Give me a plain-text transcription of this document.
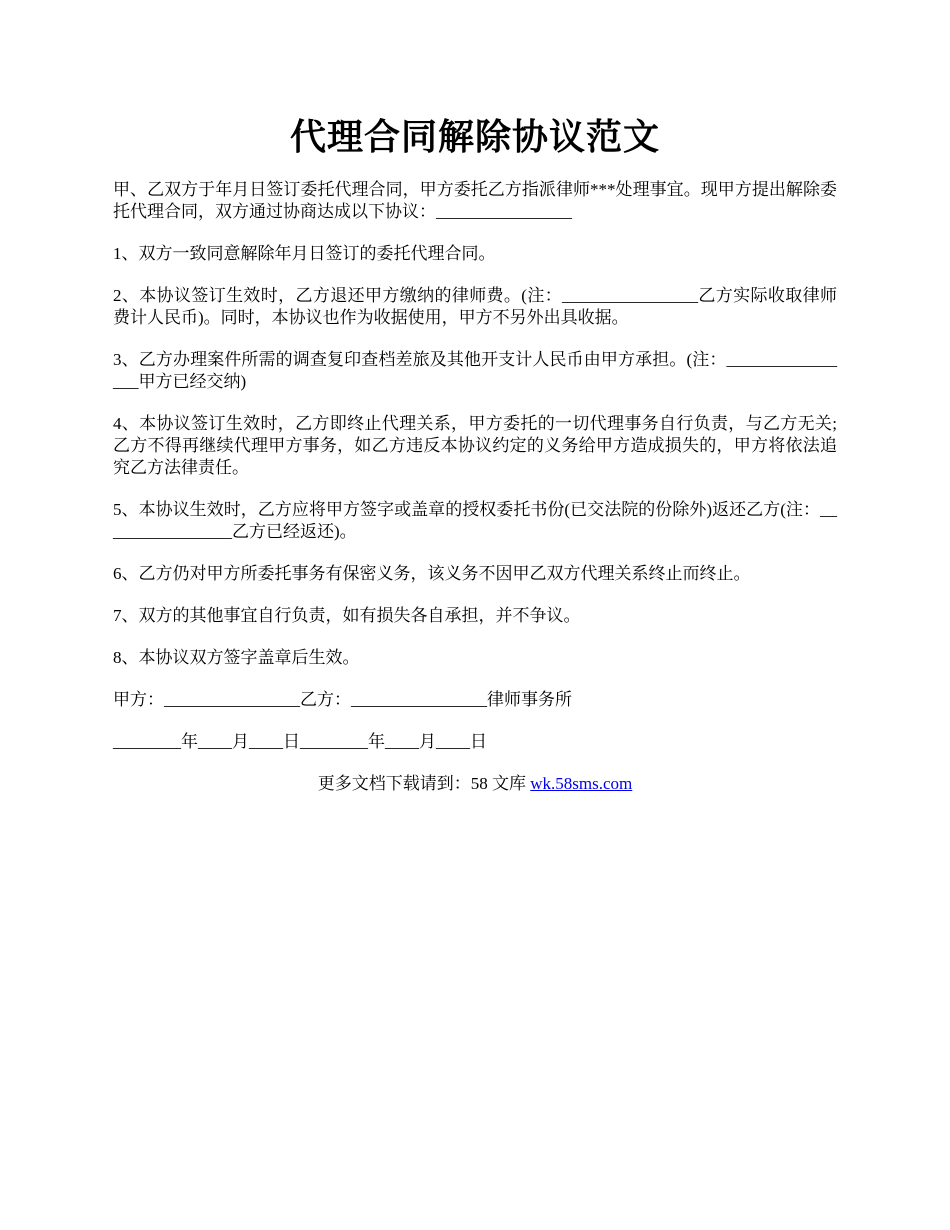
代理合同解除协议范文

甲、乙双方于年月日签订委托代理合同，甲方委托乙方指派律师***处理事宜。现甲方提出解除委托代理合同，双方通过协商达成以下协议：________________

1、双方一致同意解除年月日签订的委托代理合同。

2、本协议签订生效时，乙方退还甲方缴纳的律师费。(注：________________乙方实际收取律师费计人民币)。同时，本协议也作为收据使用，甲方不另外出具收据。

3、乙方办理案件所需的调查复印查档差旅及其他开支计人民币由甲方承担。(注：________________甲方已经交纳)

4、本协议签订生效时，乙方即终止代理关系，甲方委托的一切代理事务自行负责，与乙方无关;乙方不得再继续代理甲方事务，如乙方违反本协议约定的义务给甲方造成损失的，甲方将依法追究乙方法律责任。

5、本协议生效时，乙方应将甲方签字或盖章的授权委托书份(已交法院的份除外)返还乙方(注：________________乙方已经返还)。

6、乙方仍对甲方所委托事务有保密义务，该义务不因甲乙双方代理关系终止而终止。

7、双方的其他事宜自行负责，如有损失各自承担，并不争议。

8、本协议双方签字盖章后生效。

甲方：________________乙方：________________律师事务所

________年____月____日________年____月____日

更多文档下载请到：58 文库 wk.58sms.com
